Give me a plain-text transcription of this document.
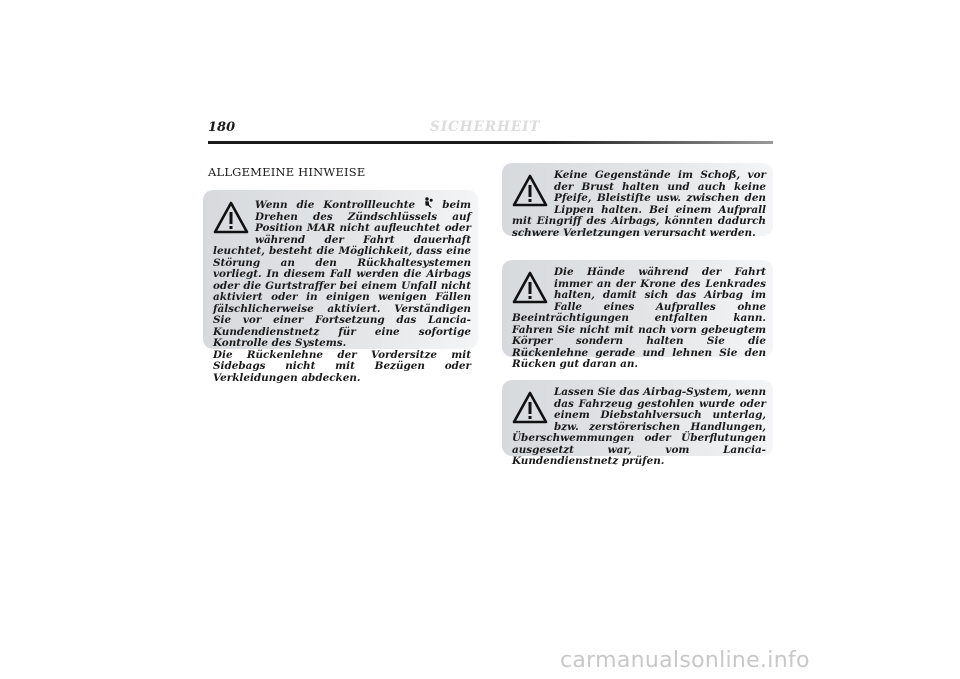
180	SICHERHEIT
ALLGEMEINE HINWEISE

Wenn die Kontrollleuchte	beim Drehen des Zündschlüssels auf Position MAR nicht aufleuchtet oder während der Fahrt dauerhaft leuchtet, besteht die Möglichkeit, dass eine Störung an den Rückhaltesystemen vorliegt. In diesem Fall werden die Airbags oder die Gurtstraffer bei einem Unfall nicht aktiviert oder in einigen wenigen Fällen fälschlicherweise aktiviert. Verständigen Sie vor einer Fortsetzung das Lancia-Kundendienstnetz für eine sofortige Kontrolle des Systems.

Die Rückenlehne der Vordersitze mit Sidebags nicht mit Bezügen oder Verkleidungen abdecken.

Keine Gegenstände im Schoß, vor der Brust halten und auch keine Pfeife, Bleistifte usw. zwischen den Lippen halten. Bei einem Aufprall mit Eingriff des Airbags, könnten dadurch schwere Verletzungen verursacht werden.

Die Hände während der Fahrt immer an der Krone des Lenkrades halten, damit sich das Airbag im Falle eines Aufpralles ohne Beeinträchtigungen entfalten kann. Fahren Sie nicht mit nach vorn gebeugtem Körper sondern halten Sie die Rückenlehne gerade und lehnen Sie den Rücken gut daran an.

Lassen Sie das Airbag-System, wenn das Fahrzeug gestohlen wurde oder einem Diebstahlversuch unterlag, bzw. zerstörerischen Handlungen, Überschwemmungen oder Überflutungen ausgesetzt war, vom Lancia-Kundendienstnetz prüfen.

carmanualsonline.info
